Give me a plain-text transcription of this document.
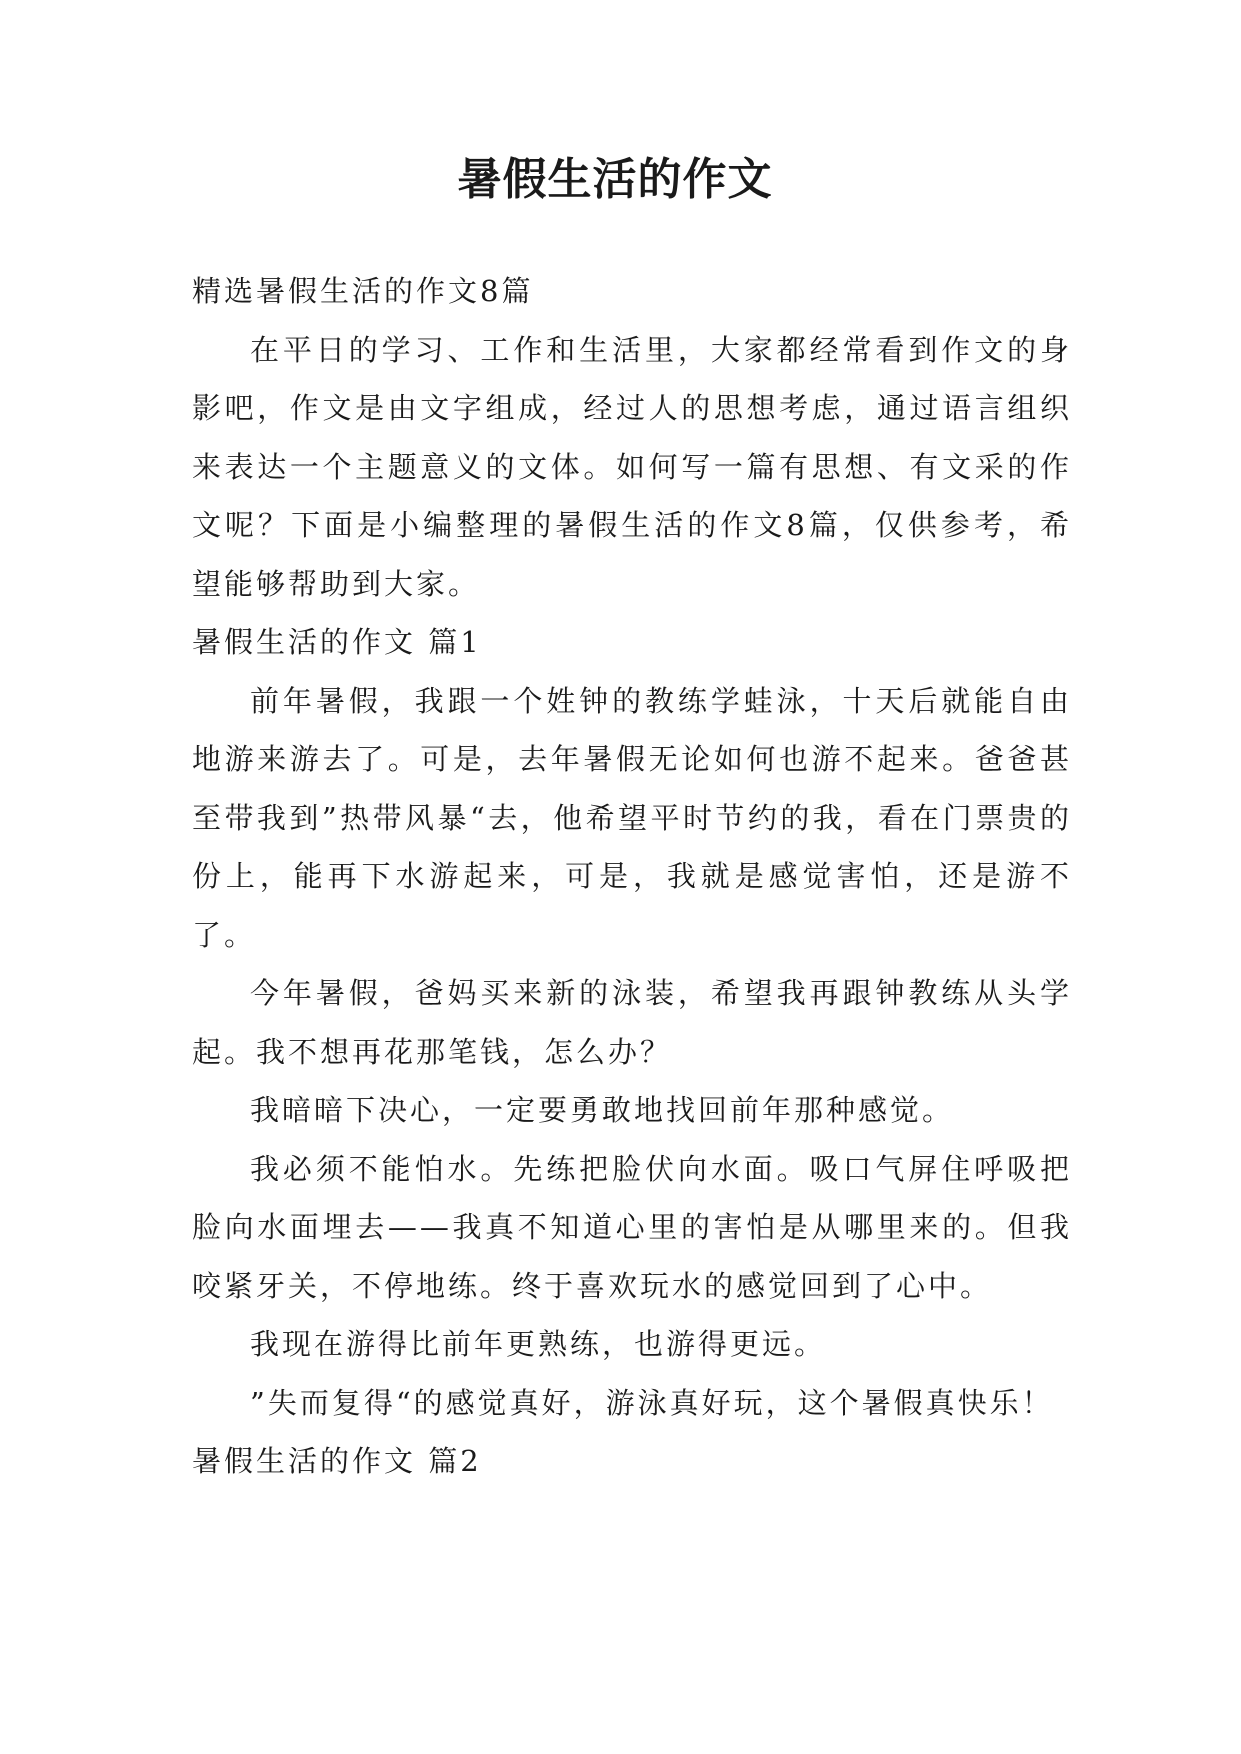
暑假生活的作文

精选暑假生活的作文8篇

在平日的学习、工作和生活里，大家都经常看到作文的身影吧，作文是由文字组成，经过人的思想考虑，通过语言组织来表达一个主题意义的文体。如何写一篇有思想、有文采的作文呢？下面是小编整理的暑假生活的作文8篇，仅供参考，希望能够帮助到大家。

暑假生活的作文 篇1

前年暑假，我跟一个姓钟的教练学蛙泳，十天后就能自由地游来游去了。可是，去年暑假无论如何也游不起来。爸爸甚至带我到”热带风暴“去，他希望平时节约的我，看在门票贵的份上，能再下水游起来，可是，我就是感觉害怕，还是游不了。

今年暑假，爸妈买来新的泳装，希望我再跟钟教练从头学起。我不想再花那笔钱，怎么办？

我暗暗下决心，一定要勇敢地找回前年那种感觉。

我必须不能怕水。先练把脸伏向水面。吸口气屏住呼吸把脸向水面埋去——我真不知道心里的害怕是从哪里来的。但我咬紧牙关，不停地练。终于喜欢玩水的感觉回到了心中。

我现在游得比前年更熟练，也游得更远。

”失而复得“的感觉真好，游泳真好玩，这个暑假真快乐！

暑假生活的作文 篇2
